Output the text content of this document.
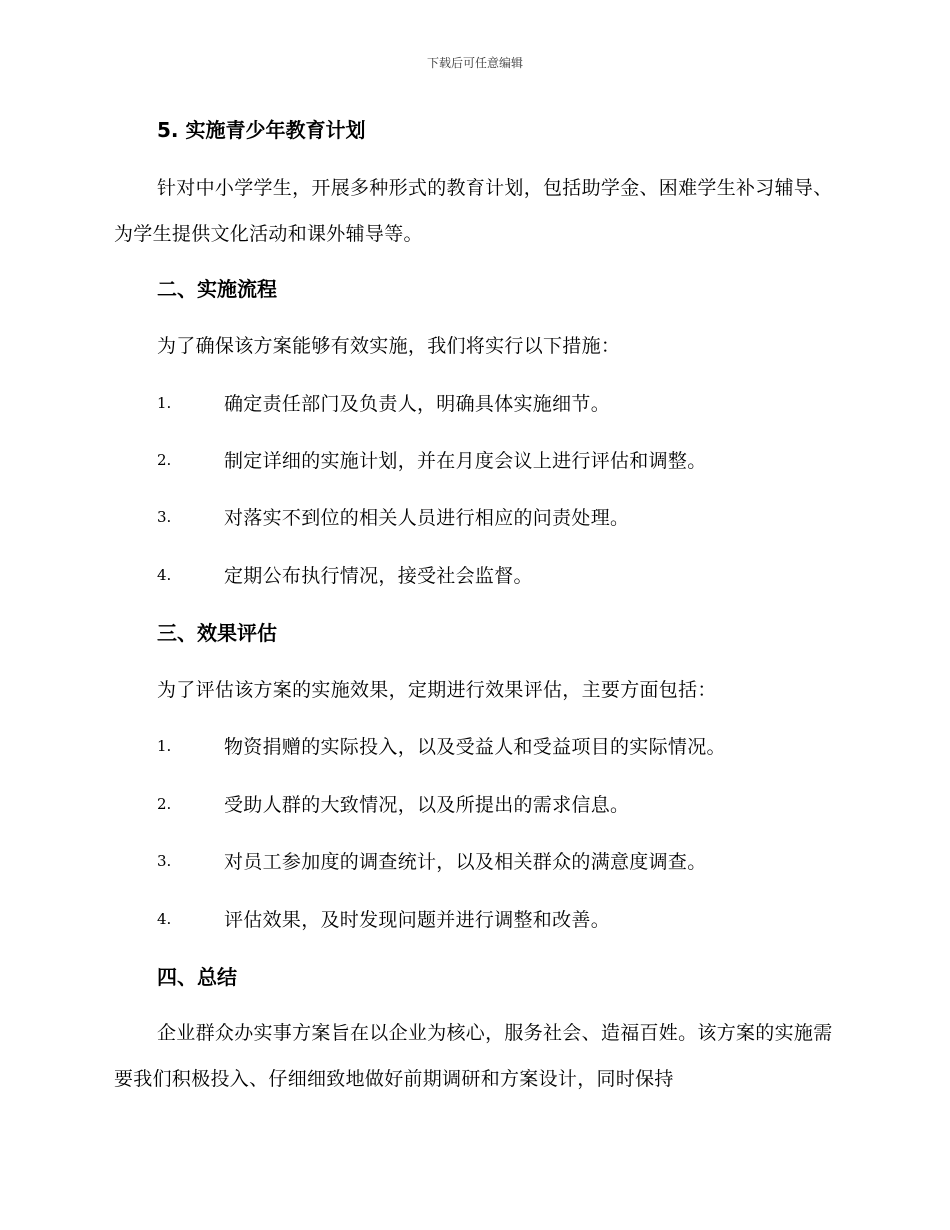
下载后可任意编辑
5. 实施青少年教育计划
针对中小学学生，开展多种形式的教育计划，包括助学金、困难学生补习辅导、为学生提供文化活动和课外辅导等。
二、实施流程
为了确保该方案能够有效实施，我们将实行以下措施：
1.	确定责任部门及负责人，明确具体实施细节。
2.	制定详细的实施计划，并在月度会议上进行评估和调整。
3.	对落实不到位的相关人员进行相应的问责处理。
4.	定期公布执行情况，接受社会监督。
三、效果评估
为了评估该方案的实施效果，定期进行效果评估，主要方面包括：
1.	物资捐赠的实际投入，以及受益人和受益项目的实际情况。
2.	受助人群的大致情况，以及所提出的需求信息。
3.	对员工参加度的调查统计，以及相关群众的满意度调查。
4.	评估效果，及时发现问题并进行调整和改善。
四、总结
企业群众办实事方案旨在以企业为核心，服务社会、造福百姓。该方案的实施需要我们积极投入、仔细细致地做好前期调研和方案设计，同时保持
